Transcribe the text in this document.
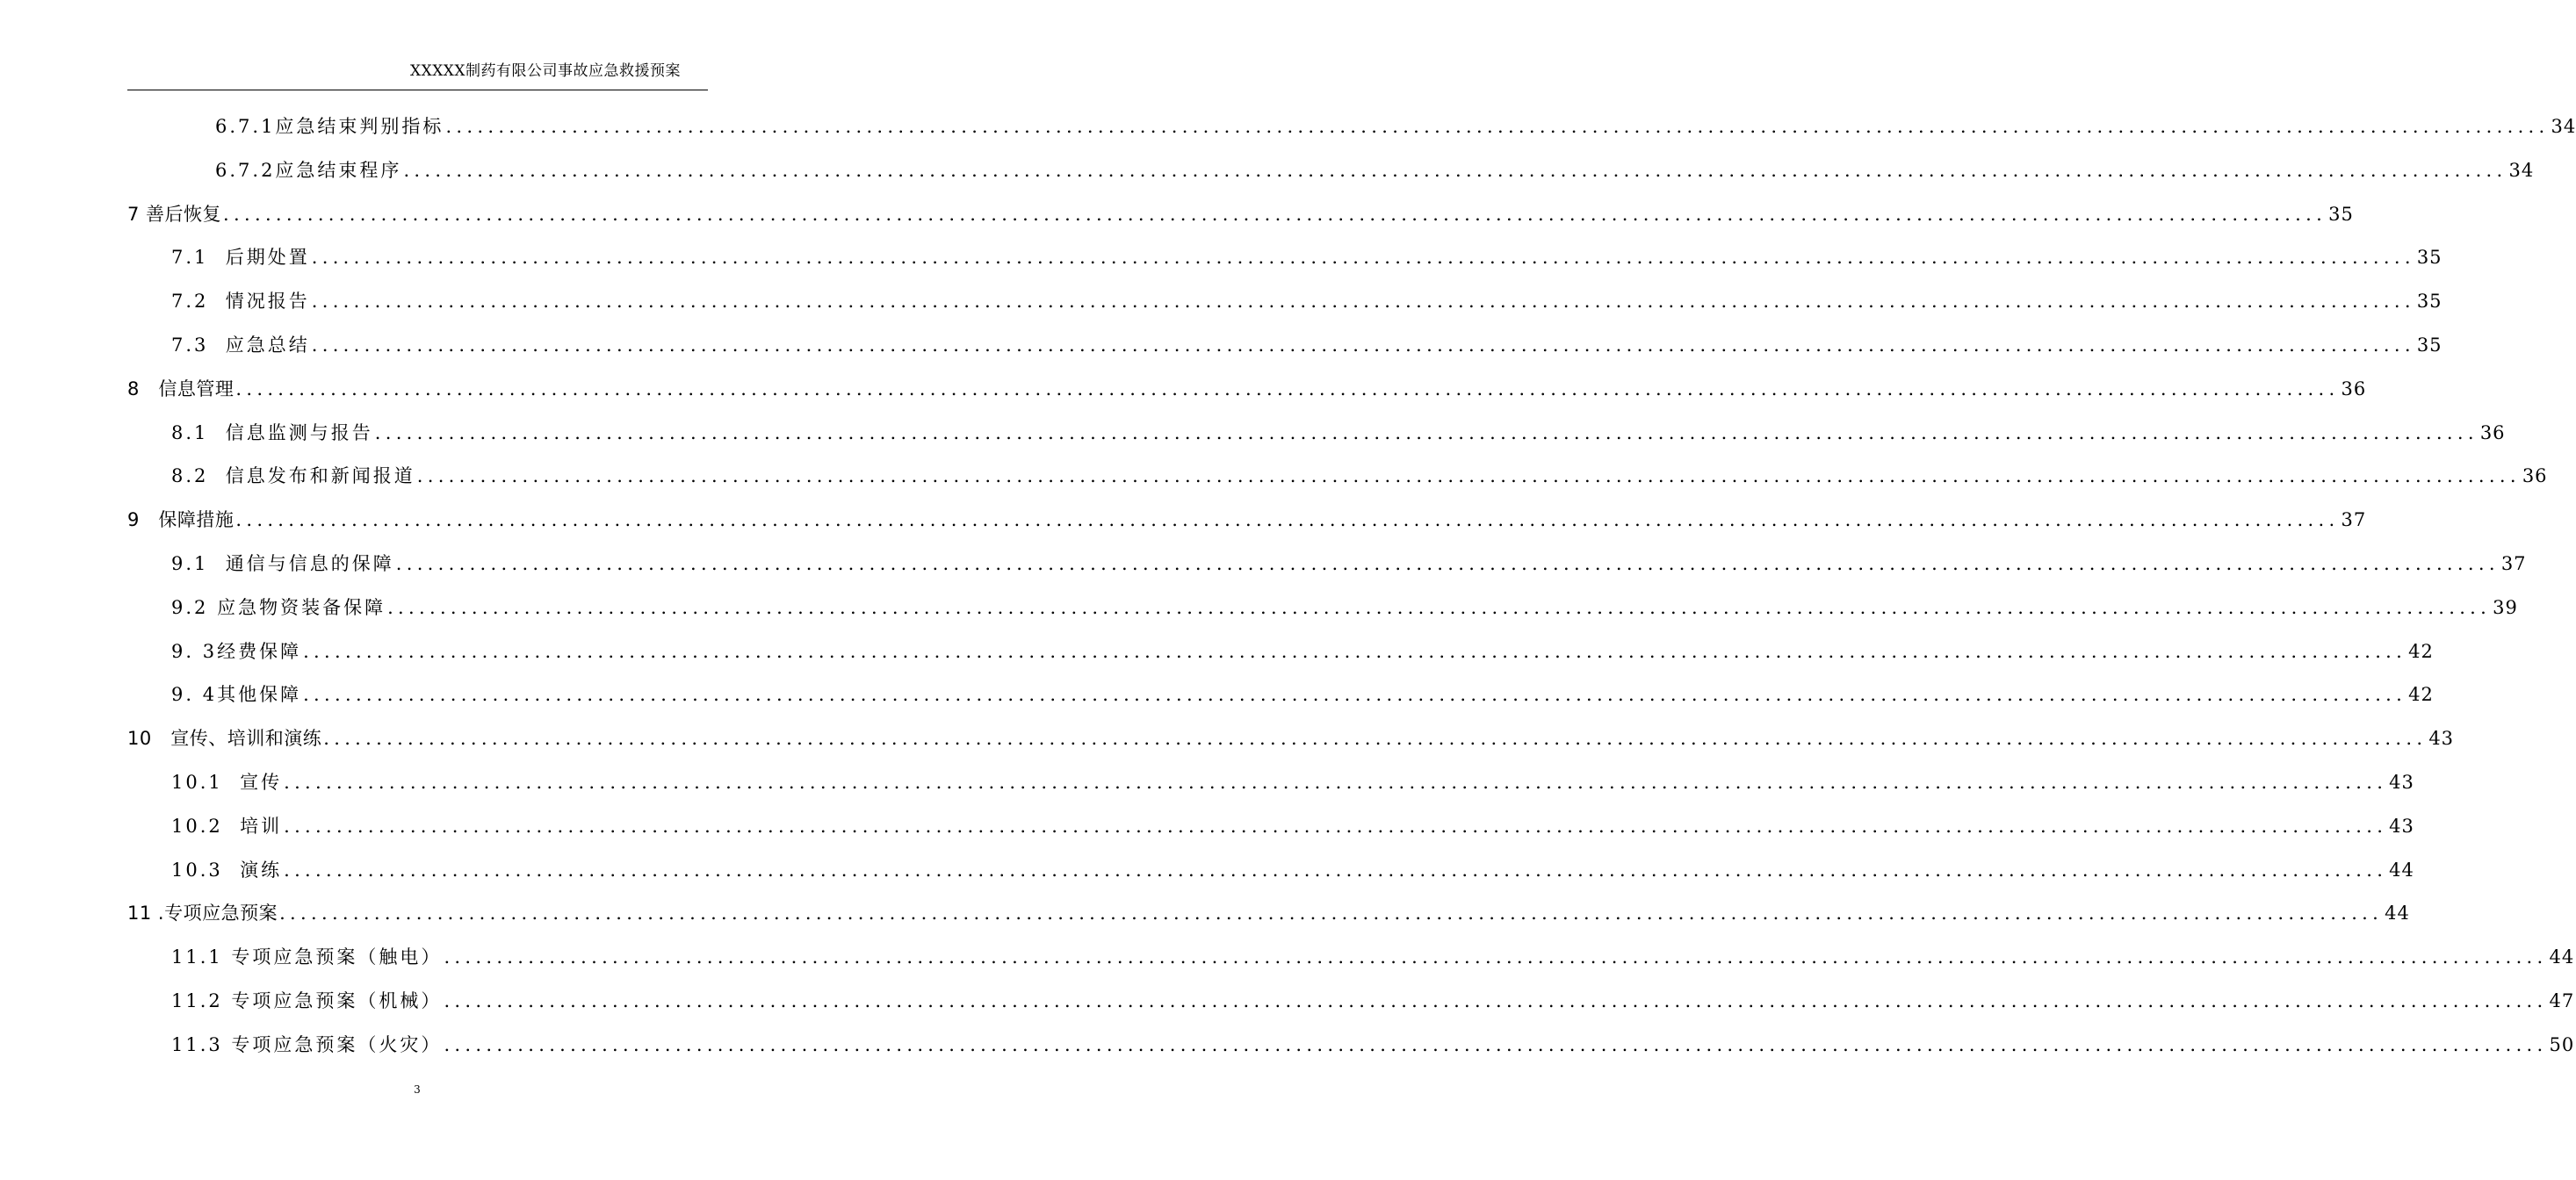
XXXXX制药有限公司事故应急救援预案
6.7.1应急结束判别指标 ........................................................................................................................................................................................................ 34
6.7.2应急结束程序 ........................................................................................................................................................................................................ 34
7 善后恢复 ........................................................................................................................................................................................................ 35
7.1  后期处置 ........................................................................................................................................................................................................ 35
7.2  情况报告 ........................................................................................................................................................................................................ 35
7.3  应急总结 ........................................................................................................................................................................................................ 35
8   信息管理 ........................................................................................................................................................................................................ 36
8.1  信息监测与报告 ........................................................................................................................................................................................................ 36
8.2  信息发布和新闻报道 ........................................................................................................................................................................................................ 36
9   保障措施 ........................................................................................................................................................................................................ 37
9.1  通信与信息的保障 ........................................................................................................................................................................................................ 37
9.2 应急物资装备保障 ........................................................................................................................................................................................................ 39
9. 3经费保障 ........................................................................................................................................................................................................ 42
9. 4其他保障 ........................................................................................................................................................................................................ 42
10   宣传、培训和演练 ........................................................................................................................................................................................................ 43
10.1  宣传 ........................................................................................................................................................................................................ 43
10.2  培训 ........................................................................................................................................................................................................ 43
10.3  演练 ........................................................................................................................................................................................................ 44
11 .专项应急预案 ........................................................................................................................................................................................................ 44
11.1 专项应急预案（触电） ........................................................................................................................................................................................................ 44
11.2 专项应急预案（机械） ........................................................................................................................................................................................................ 47
11.3 专项应急预案（火灾） ........................................................................................................................................................................................................ 50
3
